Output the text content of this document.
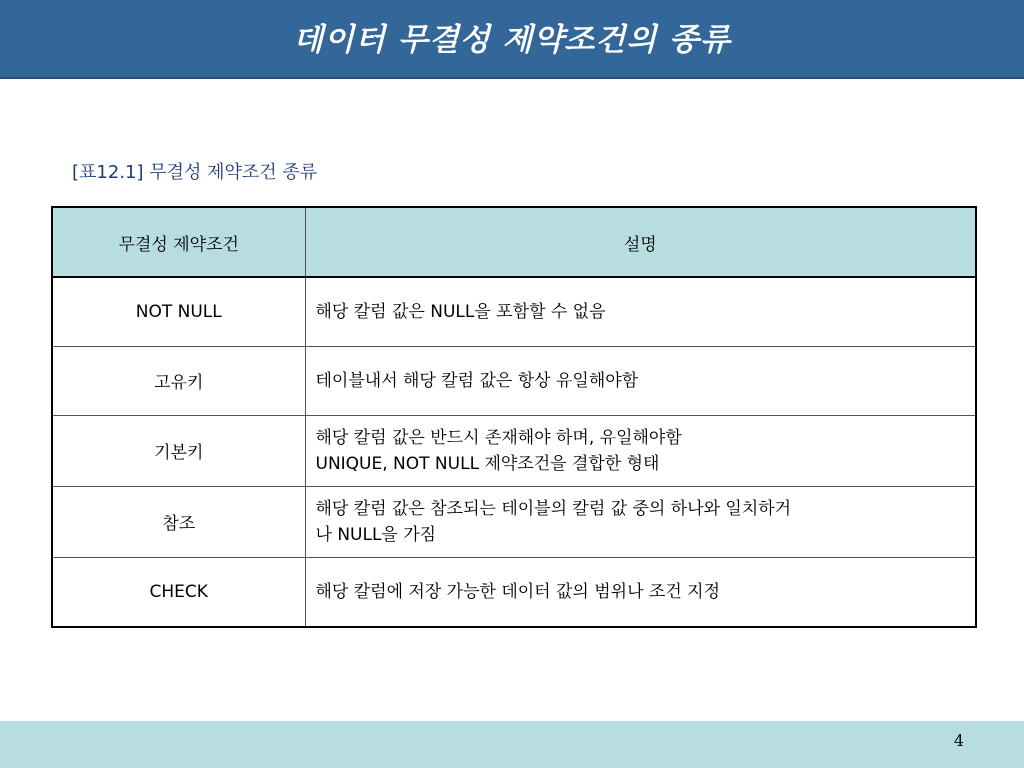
데이터 무결성 제약조건의 종류
[표12.1] 무결성 제약조건 종류
무결성 제약조건	설명
NOT NULL	해당 칼럼 값은 NULL을 포함할 수 없음

고유키	테이블내서 해당 칼럼 값은 항상 유일해야함

기본키	해당 칼럼 값은 반드시 존재해야 하며, 유일해야함
UNIQUE, NOT NULL 제약조건을 결합한 형태

참조	해당 칼럼 값은 참조되는 테이블의 칼럼 값 중의 하나와 일치하거
나 NULL을 가짐

CHECK	해당 칼럼에 저장 가능한 데이터 값의 범위나 조건 지정
4
